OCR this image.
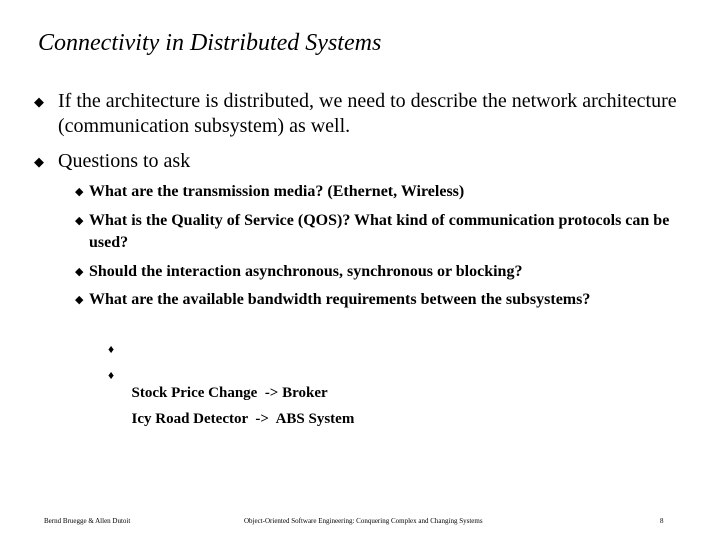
Connectivity in Distributed Systems
◆ If the architecture is distributed, we need to describe the network architecture (communication subsystem) as well.
◆ Questions to ask
◆ What are the transmission media? (Ethernet, Wireless)
◆ What is the Quality of Service (QOS)? What kind of communication protocols can be used?
◆ Should the interaction asynchronous, synchronous or blocking?
◆ What are the available bandwidth requirements between the subsystems?

♦

Stock Price Change  -> Broker

♦

Icy Road Detector  ->  ABS System

Bernd Bruegge & Allen Dutoit	Object-Oriented Software Engineering: Conquering Complex and Changing Systems	8
